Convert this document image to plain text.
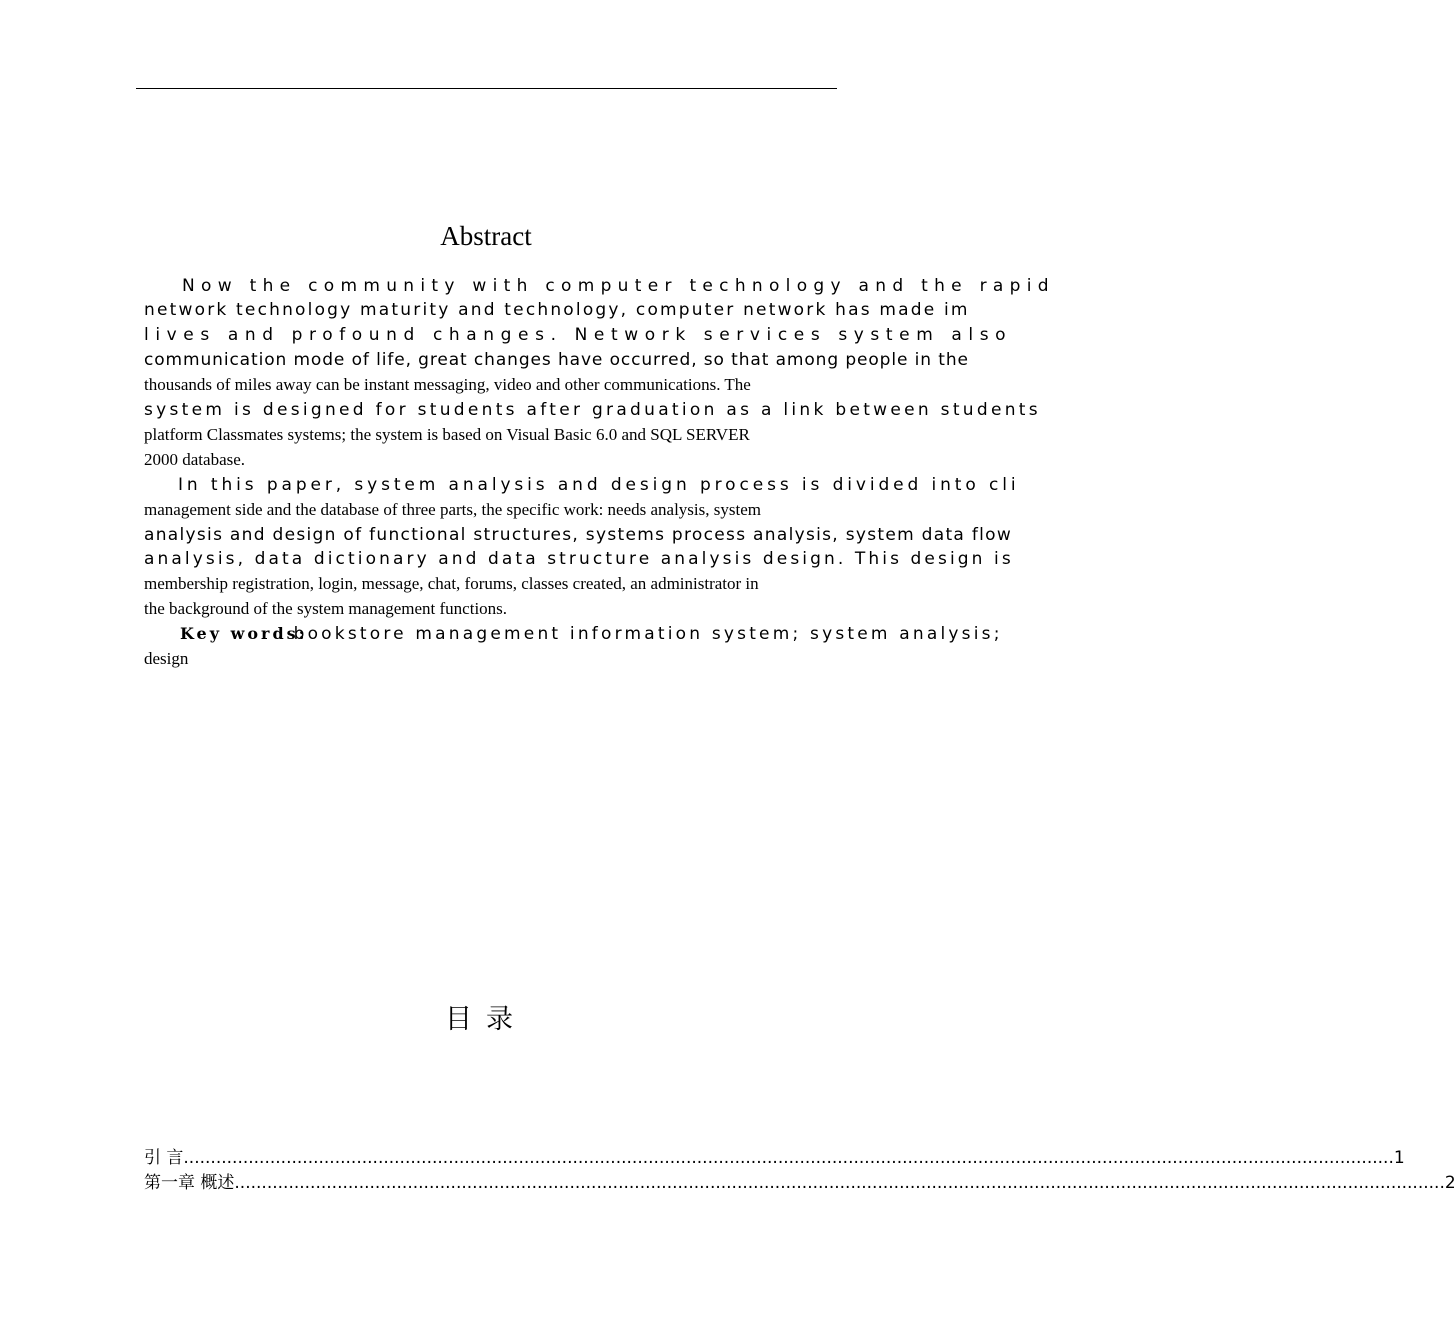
Abstract
Now the community with computer technology and the rapid
network technology maturity and technology, computer network has made im
lives and profound changes. Network services system also
communication mode of life, great changes have occurred, so that among people in the
thousands of miles away can be instant messaging, video and other communications. The
system is designed for students after graduation as a link between students
platform Classmates systems; the system is based on Visual Basic 6.0 and SQL SERVER
2000 database.
In this paper, system analysis and design process is divided into cli
management side and the database of three parts, the specific work: needs analysis, system
analysis and design of functional structures, systems process analysis, system data flow
analysis, data dictionary and data structure analysis design. This design is
membership registration, login, message, chat, forums, classes created, an administrator in
the background of the system management functions.
Key words:bookstore management information system; system analysis;
design
目录
引 言 .....	1
第一章 概述 .....	2
